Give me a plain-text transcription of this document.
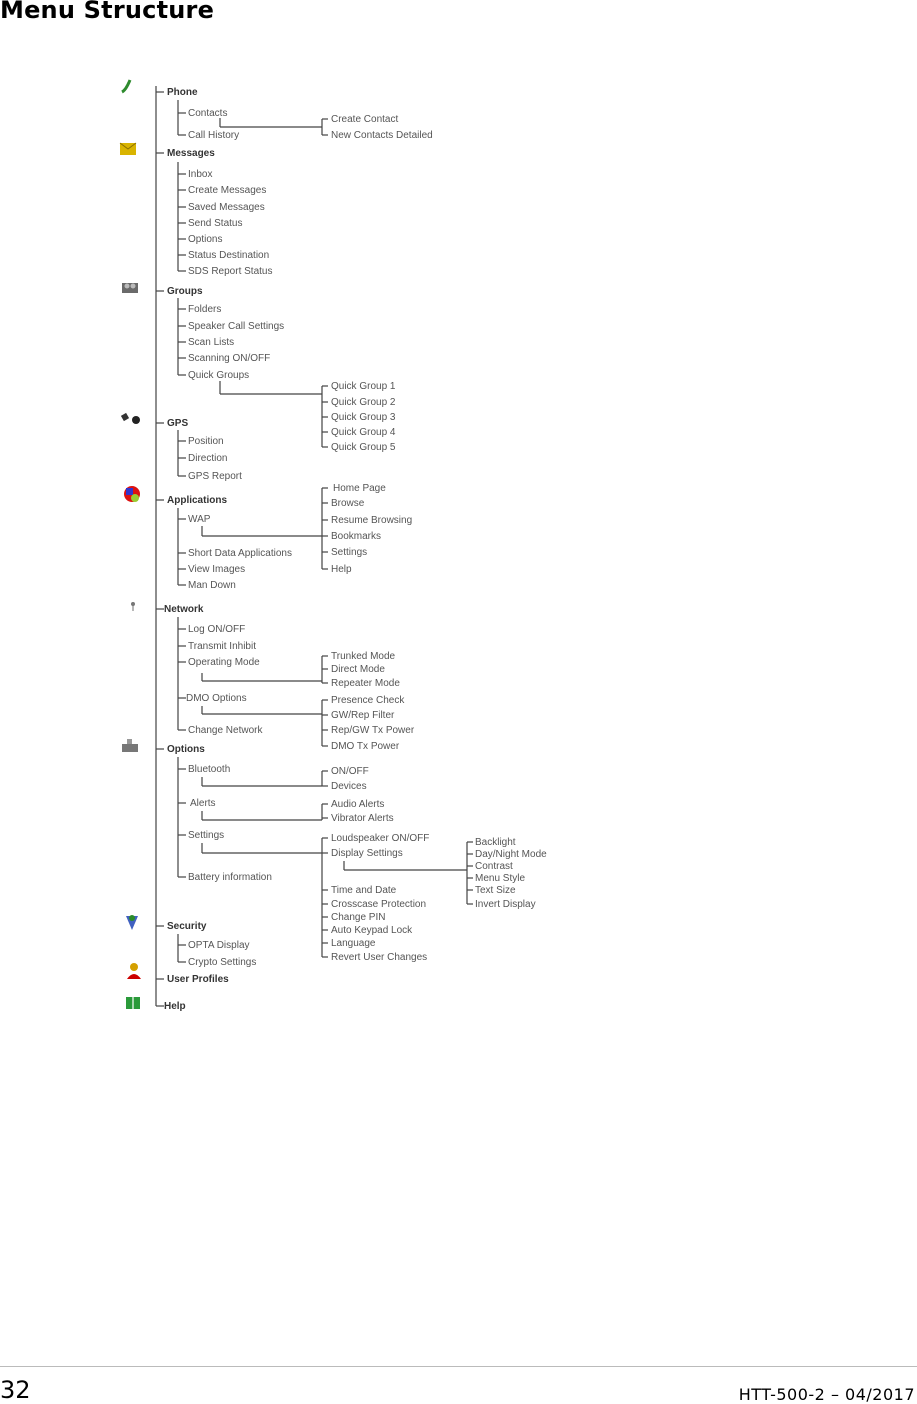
Menu Structure
Phone
Contacts
Call History
Create Contact
New Contacts Detailed
Messages
Inbox
Create Messages
Saved Messages
Send Status
Options
Status Destination
SDS Report Status
Groups
Folders
Speaker Call Settings
Scan Lists
Scanning ON/OFF
Quick Groups
Quick Group 1
Quick Group 2
Quick Group 3
Quick Group 4
Quick Group 5
GPS
Position
Direction
GPS Report
Applications
WAP
Short Data Applications
View Images
Man Down
Home Page
Browse
Resume Browsing
Bookmarks
Settings
Help
Network
Log ON/OFF
Transmit Inhibit
Operating Mode
DMO Options
Change Network
Trunked Mode
Direct Mode
Repeater Mode
Presence Check
GW/Rep Filter
Rep/GW Tx Power
DMO Tx Power
Options
Bluetooth
Alerts
Settings
Battery information
ON/OFF
Devices
Audio Alerts
Vibrator Alerts
Loudspeaker ON/OFF
Display Settings
Time and Date
Crosscase Protection
Change PIN
Auto Keypad Lock
Language
Revert User Changes
Backlight
Day/Night Mode
Contrast
Menu Style
Text Size
Invert Display
Security
OPTA Display
Crypto Settings
User Profiles
Help
32	HTT-500-2 – 04/2017
